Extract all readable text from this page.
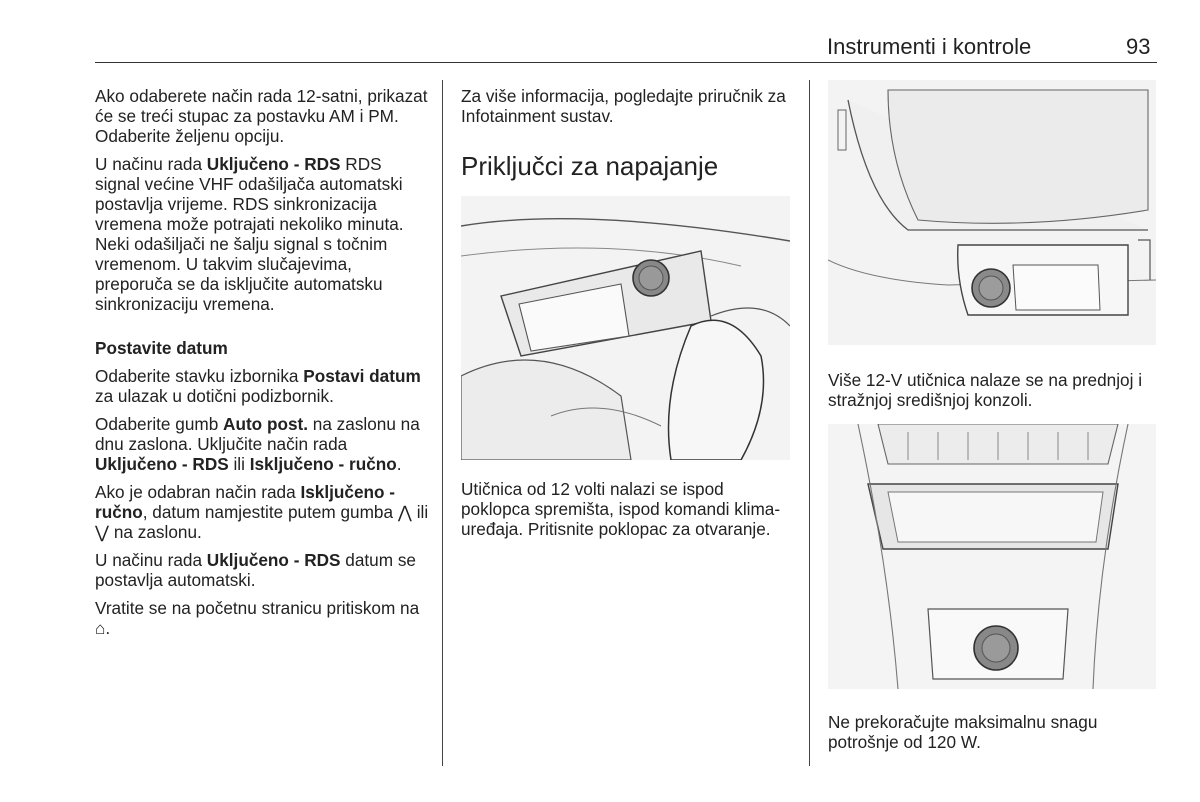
Instrumenti i kontrole	93

Ako odaberete način rada 12-satni, prikazat će se treći stupac za postavku AM i PM. Odaberite željenu opciju.

U načinu rada Uključeno - RDS RDS signal većine VHF odašiljača automatski postavlja vrijeme. RDS sinkronizacija vremena može potrajati nekoliko minuta. Neki odašiljači ne šalju signal s točnim vremenom. U takvim slučajevima, preporuča se da isključite automatsku sinkronizaciju vremena.

Postavite datum

Odaberite stavku izbornika Postavi datum za ulazak u dotični podizbornik.

Odaberite gumb Auto post. na zaslonu na dnu zaslona. Uključite način rada Uključeno - RDS ili Isključeno - ručno.

Ako je odabran način rada Isključeno - ručno, datum namjestite putem gumba ⋀ ili ⋁ na zaslonu.

U načinu rada Uključeno - RDS datum se postavlja automatski.

Vratite se na početnu stranicu pritiskom na ⌂.

Za više informacija, pogledajte priručnik za Infotainment sustav.

Priključci za napajanje

Utičnica od 12 volti nalazi se ispod poklopca spremišta, ispod komandi klima-uređaja. Pritisnite poklopac za otvaranje.

Više 12-V utičnica nalaze se na prednjoj i stražnjoj središnjoj konzoli.

Ne prekoračujte maksimalnu snagu potrošnje od 120 W.
